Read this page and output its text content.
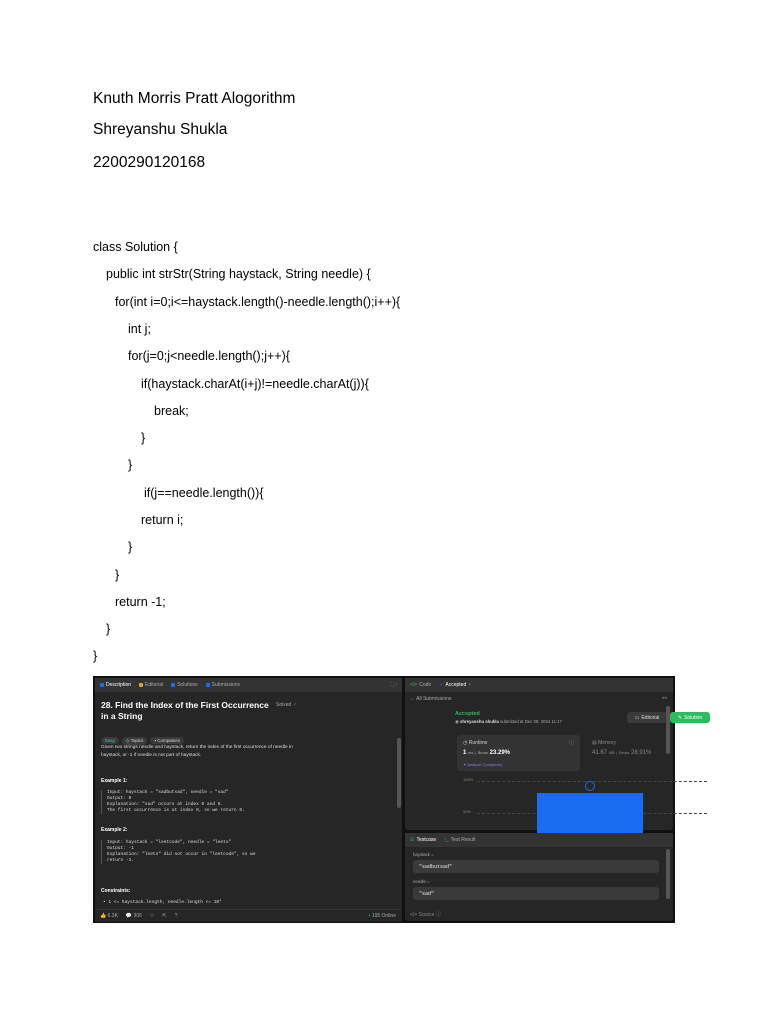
Knuth Morris Pratt Alogorithm
Shreyanshu Shukla
2200290120168
class Solution {
public int strStr(String haystack, String needle) {
for(int i=0;i<=haystack.length()-needle.length();i++){
int j;
for(j=0;j<needle.length();j++){
if(haystack.charAt(i+j)!=needle.charAt(j)){
break;
}
}
if(j==needle.length()){
return i;
}
}
return -1;
}
}
Description	Editorial	Solutions	Submissions	⛶ ‹
28. Find the Index of the First Occurrence in a String
Solved ✓
Easy ◇ Topics ▪ Companies
Given two strings needle and haystack, return the index of the first occurrence of needle in haystack, or -1 if needle is not part of haystack.
Example 1:
Input: haystack = "sadbutsad", needle = "sad"
Output: 0
Explanation: "sad" occurs at index 0 and 6.
The first occurrence is at index 0, so we return 0.
Example 2:
Input: haystack = "leetcode", needle = "leeto"
Output: -1
Explanation: "leeto" did not occur in "leetcode", so we
return -1.
Constraints:
• 1 <= haystack.length, needle.length <= 10⁴
👍 6.3K 💬 306 ☆ ⇱ ?	• 195 Online
</> Code ✓ Accepted ×
← All Submissions	⚯
Accepted
◉ shreyanshu shukla submitted at Dec 09, 2024 11:17
▭ Editorial	✎ Solution
◷ Runtime	ⓘ
1 ms | Beats 23.29%
✦ Analyze Complexity
▤ Memory
41.67 MB | Beats 28.91%
100%
50%
☑ Testcase ›_ Test Result
haystack =
"sadbutsad"
needle =
"sad"
</> Source ⓘ
